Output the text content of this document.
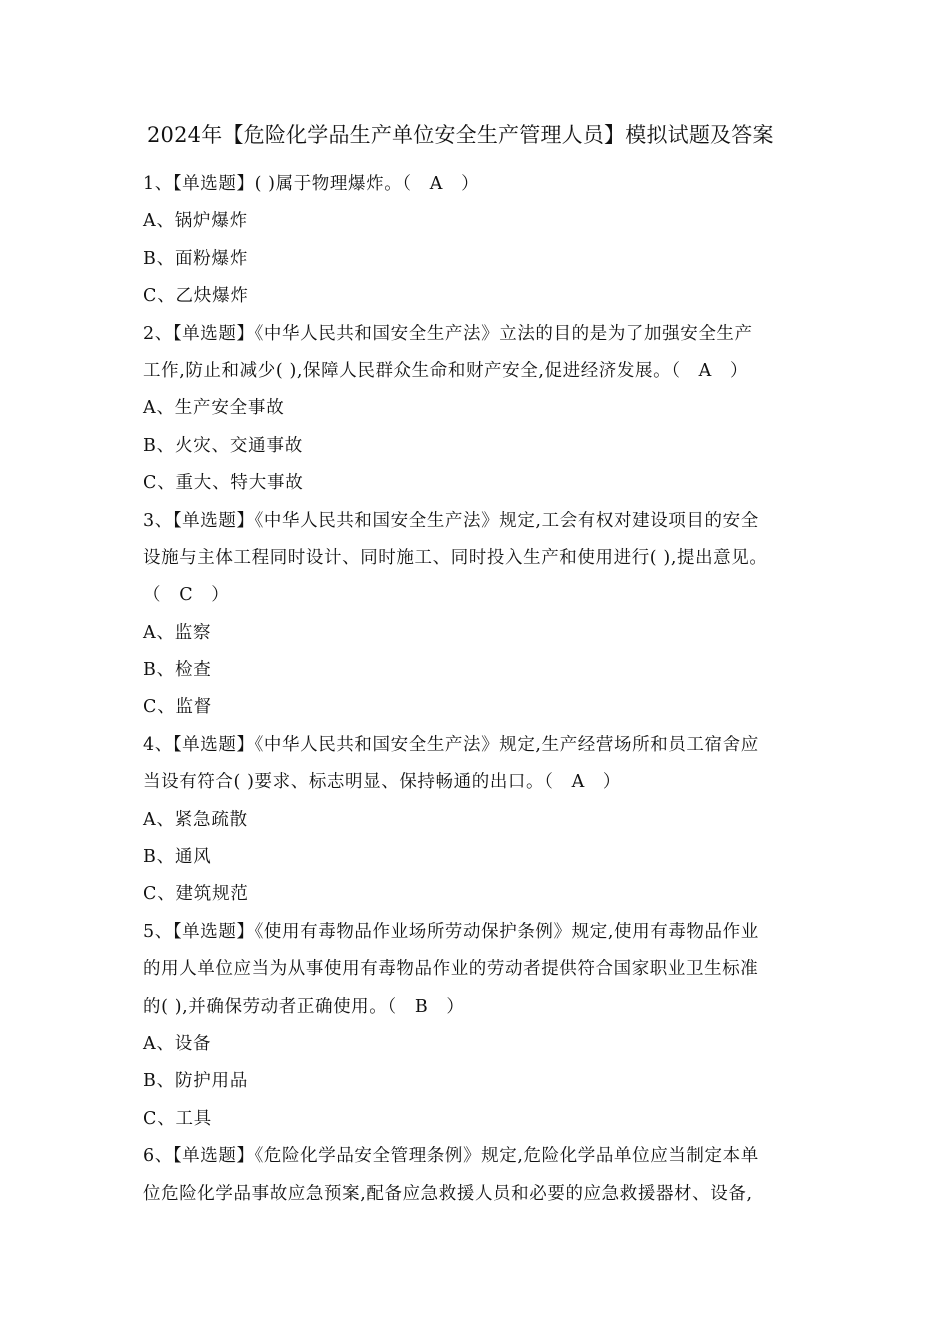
2024年【危险化学品生产单位安全生产管理人员】模拟试题及答案
1、【单选题】( )属于物理爆炸。（　A　）
A、锅炉爆炸
B、面粉爆炸
C、乙炔爆炸
2、【单选题】《中华人民共和国安全生产法》立法的目的是为了加强安全生产
工作,防止和减少( ),保障人民群众生命和财产安全,促进经济发展。（　A　）
A、生产安全事故
B、火灾、交通事故
C、重大、特大事故
3、【单选题】《中华人民共和国安全生产法》规定,工会有权对建设项目的安全
设施与主体工程同时设计、同时施工、同时投入生产和使用进行( ),提出意见。
（　C　）
A、监察
B、检查
C、监督
4、【单选题】《中华人民共和国安全生产法》规定,生产经营场所和员工宿舍应
当设有符合( )要求、标志明显、保持畅通的出口。（　A　）
A、紧急疏散
B、通风
C、建筑规范
5、【单选题】《使用有毒物品作业场所劳动保护条例》规定,使用有毒物品作业
的用人单位应当为从事使用有毒物品作业的劳动者提供符合国家职业卫生标准
的( ),并确保劳动者正确使用。（　B　）
A、设备
B、防护用品
C、工具
6、【单选题】《危险化学品安全管理条例》规定,危险化学品单位应当制定本单
位危险化学品事故应急预案,配备应急救援人员和必要的应急救援器材、设备,
